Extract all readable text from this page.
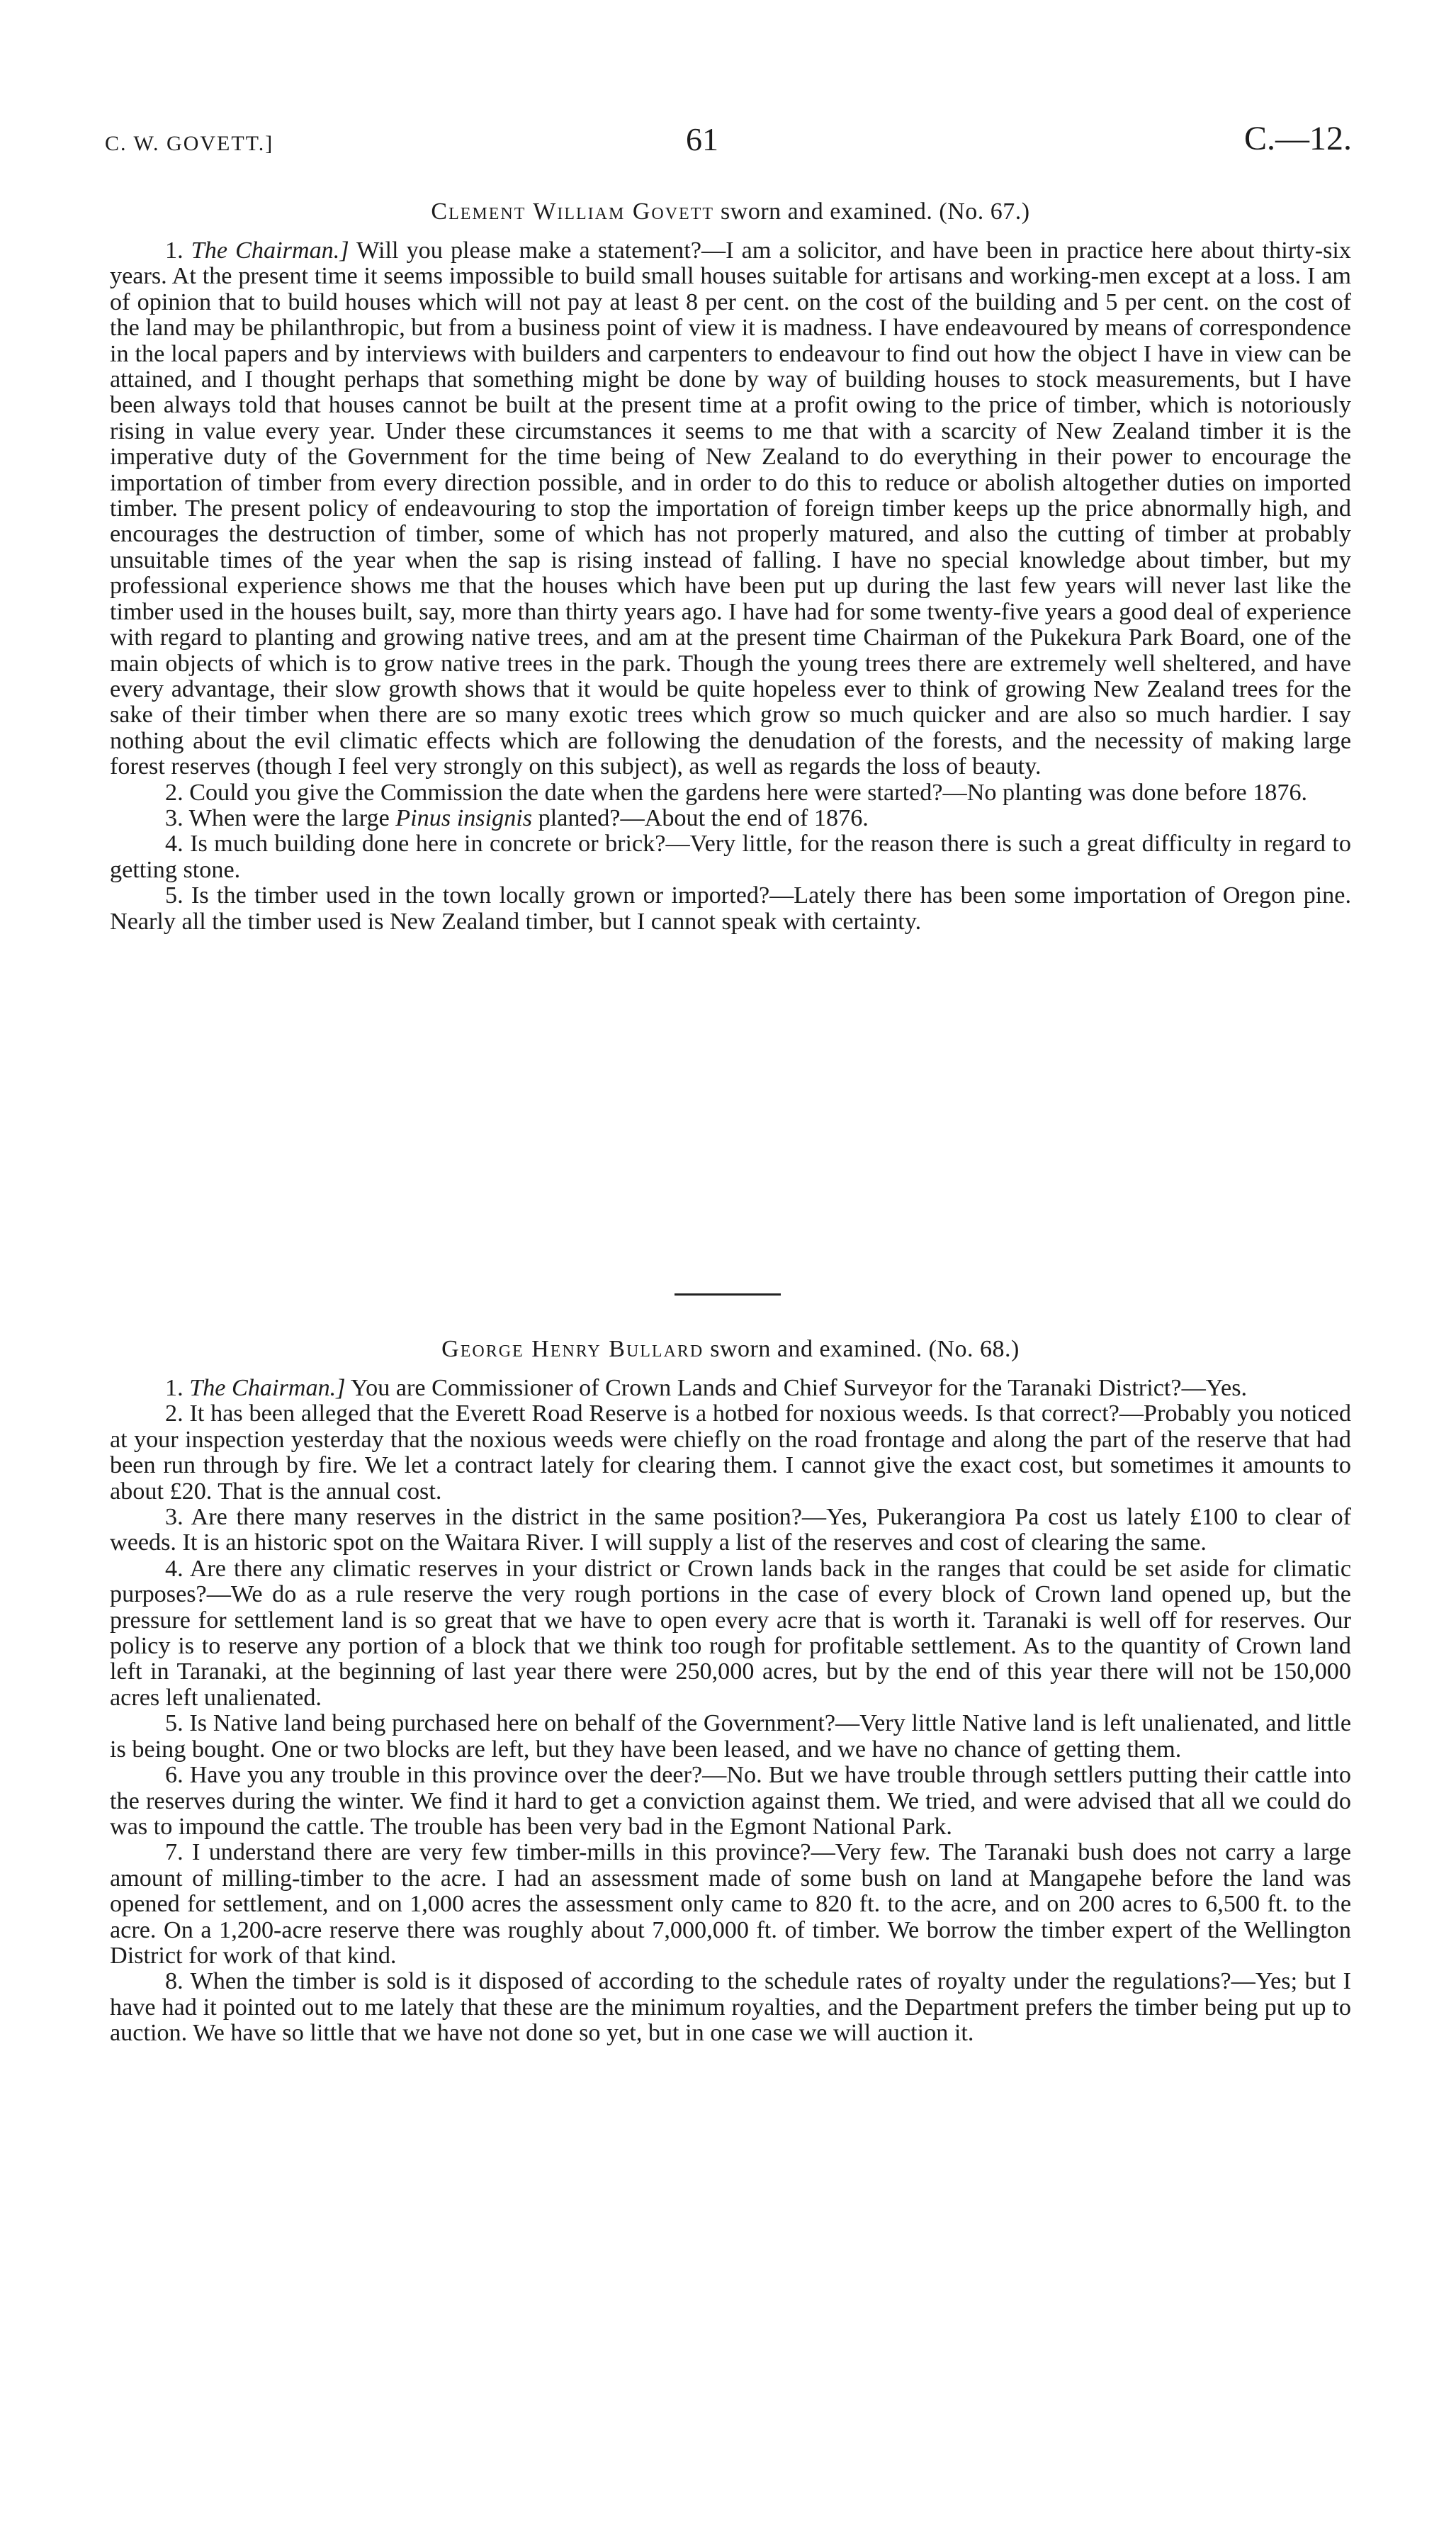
C. W. GOVETT.]	61	C.—12.

Clement William Govett sworn and examined. (No. 67.)

1. The Chairman.] Will you please make a statement?—I am a solicitor, and have been in practice here about thirty-six years. At the present time it seems impossible to build small houses suitable for artisans and working-men except at a loss. I am of opinion that to build houses which will not pay at least 8 per cent. on the cost of the building and 5 per cent. on the cost of the land may be philanthropic, but from a business point of view it is madness. I have endeavoured by means of correspondence in the local papers and by interviews with builders and carpenters to endeavour to find out how the object I have in view can be attained, and I thought perhaps that something might be done by way of building houses to stock measurements, but I have been always told that houses cannot be built at the present time at a profit owing to the price of timber, which is notoriously rising in value every year. Under these circumstances it seems to me that with a scarcity of New Zealand timber it is the imperative duty of the Government for the time being of New Zealand to do everything in their power to encourage the importation of timber from every direction possible, and in order to do this to reduce or abolish altogether duties on imported timber. The present policy of endeavouring to stop the importation of foreign timber keeps up the price abnormally high, and encourages the destruction of timber, some of which has not properly matured, and also the cutting of timber at probably unsuitable times of the year when the sap is rising instead of falling. I have no special knowledge about timber, but my professional experience shows me that the houses which have been put up during the last few years will never last like the timber used in the houses built, say, more than thirty years ago. I have had for some twenty-five years a good deal of experience with regard to planting and growing native trees, and am at the present time Chairman of the Pukekura Park Board, one of the main objects of which is to grow native trees in the park. Though the young trees there are extremely well sheltered, and have every advantage, their slow growth shows that it would be quite hopeless ever to think of growing New Zealand trees for the sake of their timber when there are so many exotic trees which grow so much quicker and are also so much hardier. I say nothing about the evil climatic effects which are following the denudation of the forests, and the necessity of making large forest reserves (though I feel very strongly on this subject), as well as regards the loss of beauty.

2. Could you give the Commission the date when the gardens here were started?—No planting was done before 1876.

3. When were the large Pinus insignis planted?—About the end of 1876.

4. Is much building done here in concrete or brick?—Very little, for the reason there is such a great difficulty in regard to getting stone.

5. Is the timber used in the town locally grown or imported?—Lately there has been some importation of Oregon pine. Nearly all the timber used is New Zealand timber, but I cannot speak with certainty.

George Henry Bullard sworn and examined. (No. 68.)

1. The Chairman.] You are Commissioner of Crown Lands and Chief Surveyor for the Taranaki District?—Yes.

2. It has been alleged that the Everett Road Reserve is a hotbed for noxious weeds. Is that correct?—Probably you noticed at your inspection yesterday that the noxious weeds were chiefly on the road frontage and along the part of the reserve that had been run through by fire. We let a contract lately for clearing them. I cannot give the exact cost, but sometimes it amounts to about £20. That is the annual cost.

3. Are there many reserves in the district in the same position?—Yes, Pukerangiora Pa cost us lately £100 to clear of weeds. It is an historic spot on the Waitara River. I will supply a list of the reserves and cost of clearing the same.

4. Are there any climatic reserves in your district or Crown lands back in the ranges that could be set aside for climatic purposes?—We do as a rule reserve the very rough portions in the case of every block of Crown land opened up, but the pressure for settlement land is so great that we have to open every acre that is worth it. Taranaki is well off for reserves. Our policy is to reserve any portion of a block that we think too rough for profitable settlement. As to the quantity of Crown land left in Taranaki, at the beginning of last year there were 250,000 acres, but by the end of this year there will not be 150,000 acres left unalienated.

5. Is Native land being purchased here on behalf of the Government?—Very little Native land is left unalienated, and little is being bought. One or two blocks are left, but they have been leased, and we have no chance of getting them.

6. Have you any trouble in this province over the deer?—No. But we have trouble through settlers putting their cattle into the reserves during the winter. We find it hard to get a conviction against them. We tried, and were advised that all we could do was to impound the cattle. The trouble has been very bad in the Egmont National Park.

7. I understand there are very few timber-mills in this province?—Very few. The Taranaki bush does not carry a large amount of milling-timber to the acre. I had an assessment made of some bush on land at Mangapehe before the land was opened for settlement, and on 1,000 acres the assessment only came to 820 ft. to the acre, and on 200 acres to 6,500 ft. to the acre. On a 1,200-acre reserve there was roughly about 7,000,000 ft. of timber. We borrow the timber expert of the Wellington District for work of that kind.

8. When the timber is sold is it disposed of according to the schedule rates of royalty under the regulations?—Yes; but I have had it pointed out to me lately that these are the minimum royalties, and the Department prefers the timber being put up to auction. We have so little that we have not done so yet, but in one case we will auction it.
